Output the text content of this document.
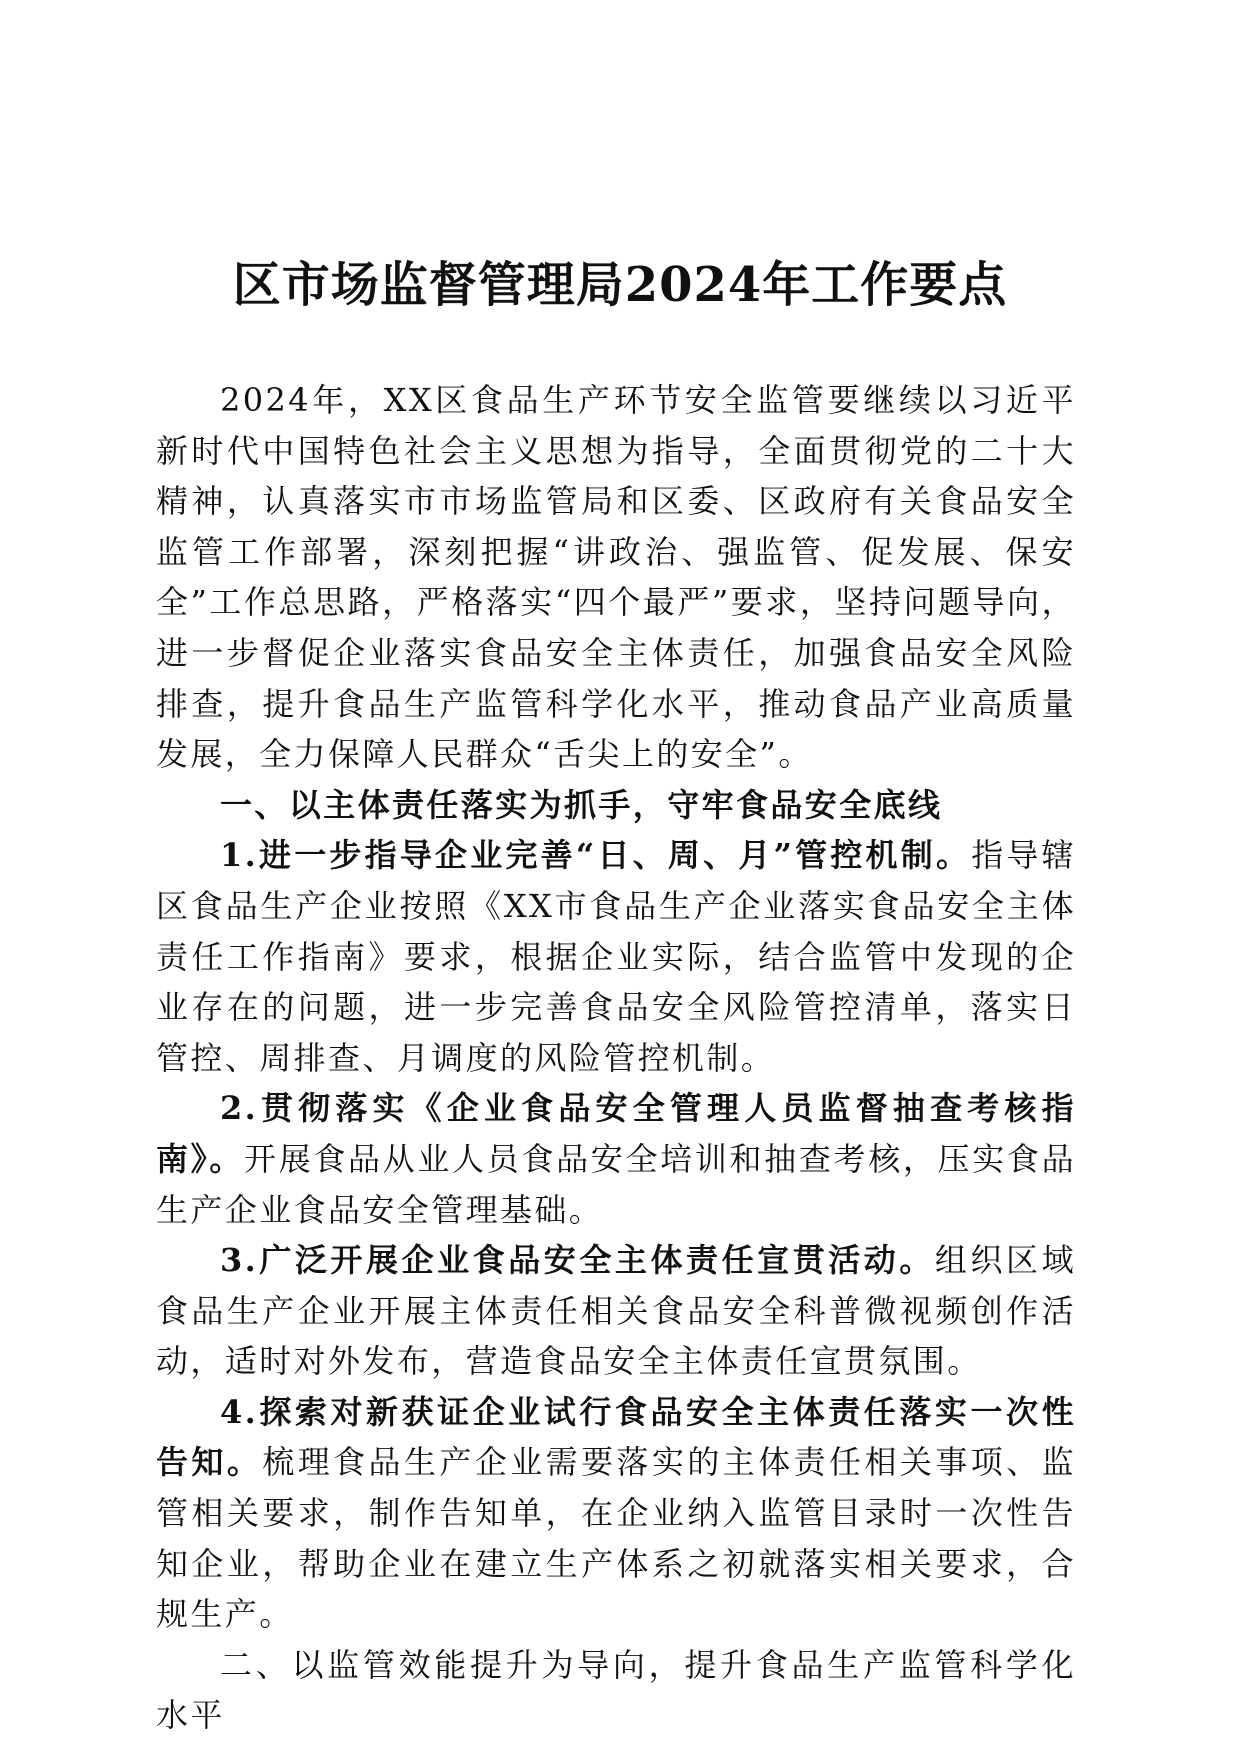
区市场监督管理局2024年工作要点

2024年，XX区食品生产环节安全监管要继续以习近平新时代中国特色社会主义思想为指导，全面贯彻党的二十大精神，认真落实市市场监管局和区委、区政府有关食品安全监管工作部署，深刻把握“讲政治、强监管、促发展、保安全”工作总思路，严格落实“四个最严”要求，坚持问题导向，进一步督促企业落实食品安全主体责任，加强食品安全风险排查，提升食品生产监管科学化水平，推动食品产业高质量发展，全力保障人民群众“舌尖上的安全”。

一、以主体责任落实为抓手，守牢食品安全底线

1.进一步指导企业完善“日、周、月”管控机制。指导辖区食品生产企业按照《XX市食品生产企业落实食品安全主体责任工作指南》要求，根据企业实际，结合监管中发现的企业存在的问题，进一步完善食品安全风险管控清单，落实日管控、周排查、月调度的风险管控机制。

2.贯彻落实《企业食品安全管理人员监督抽查考核指南》。开展食品从业人员食品安全培训和抽查考核，压实食品生产企业食品安全管理基础。

3.广泛开展企业食品安全主体责任宣贯活动。组织区域食品生产企业开展主体责任相关食品安全科普微视频创作活动，适时对外发布，营造食品安全主体责任宣贯氛围。

4.探索对新获证企业试行食品安全主体责任落实一次性告知。梳理食品生产企业需要落实的主体责任相关事项、监管相关要求，制作告知单，在企业纳入监管目录时一次性告知企业，帮助企业在建立生产体系之初就落实相关要求，合规生产。

二、以监管效能提升为导向，提升食品生产监管科学化水平
